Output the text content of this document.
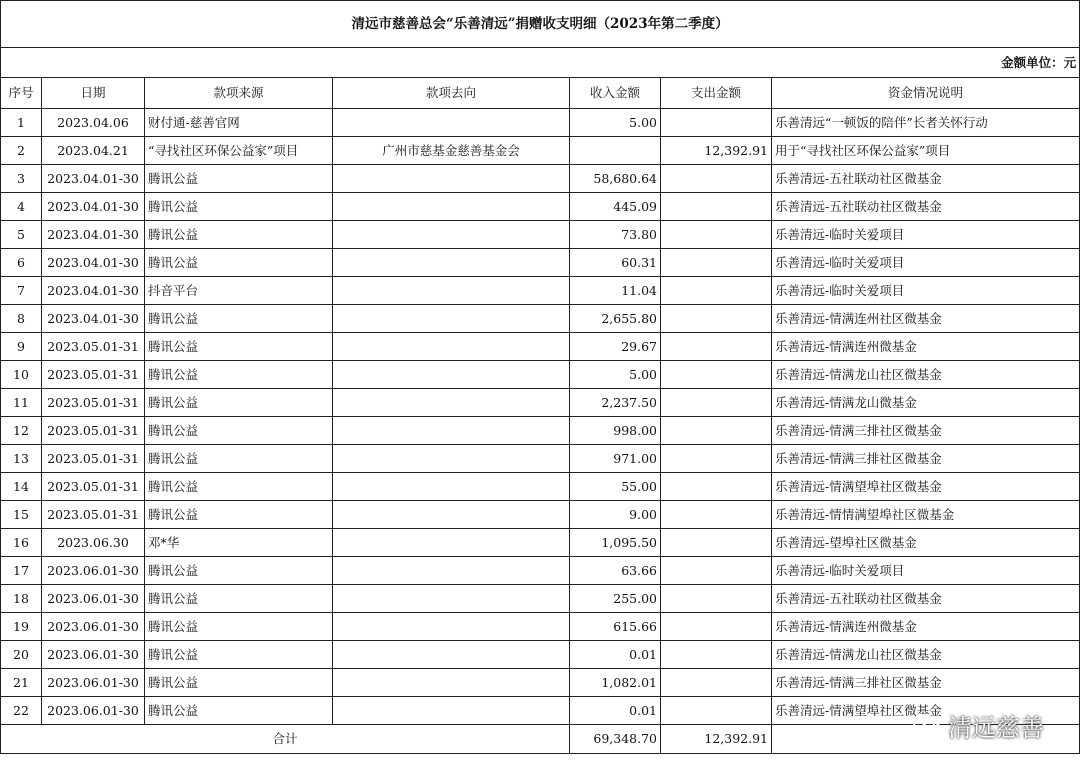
清远市慈善总会“乐善清远”捐赠收支明细（2023年第二季度）						
金额单位：元						
序号	日期	款项来源	款项去向	收入金额	支出金额	资金情况说明
1	2023.04.06	财付通-慈善官网		5.00		乐善清远“一顿饭的陪伴”长者关怀行动
2	2023.04.21	“寻找社区环保公益家”项目	广州市慈基金慈善基金会		12,392.91	用于“寻找社区环保公益家”项目
3	2023.04.01-30	腾讯公益		58,680.64		乐善清远-五社联动社区微基金
4	2023.04.01-30	腾讯公益		445.09		乐善清远-五社联动社区微基金
5	2023.04.01-30	腾讯公益		73.80		乐善清远-临时关爱项目
6	2023.04.01-30	腾讯公益		60.31		乐善清远-临时关爱项目
7	2023.04.01-30	抖音平台		11.04		乐善清远-临时关爱项目
8	2023.04.01-30	腾讯公益		2,655.80		乐善清远-情满连州社区微基金
9	2023.05.01-31	腾讯公益		29.67		乐善清远-情满连州微基金
10	2023.05.01-31	腾讯公益		5.00		乐善清远-情满龙山社区微基金
11	2023.05.01-31	腾讯公益		2,237.50		乐善清远-情满龙山微基金
12	2023.05.01-31	腾讯公益		998.00		乐善清远-情满三排社区微基金
13	2023.05.01-31	腾讯公益		971.00		乐善清远-情满三排社区微基金
14	2023.05.01-31	腾讯公益		55.00		乐善清远-情满望埠社区微基金
15	2023.05.01-31	腾讯公益		9.00		乐善清远-情情满望埠社区微基金
16	2023.06.30	邓*华		1,095.50		乐善清远-望埠社区微基金
17	2023.06.01-30	腾讯公益		63.66		乐善清远-临时关爱项目
18	2023.06.01-30	腾讯公益		255.00		乐善清远-五社联动社区微基金
19	2023.06.01-30	腾讯公益		615.66		乐善清远-情满连州微基金
20	2023.06.01-30	腾讯公益		0.01		乐善清远-情满龙山社区微基金
21	2023.06.01-30	腾讯公益		1,082.01		乐善清远-情满三排社区微基金
22	2023.06.01-30	腾讯公益		0.01		乐善清远-情满望埠社区微基金
合计				69,348.70	12,392.91		清远慈善
